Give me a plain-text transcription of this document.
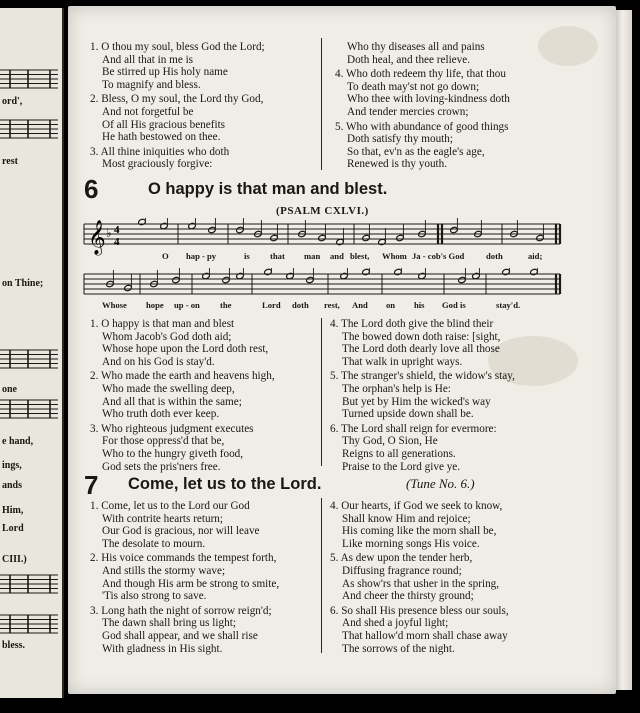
ord',
rest
on Thine;
one
e hand,
ings,
ands
Him,
Lord
CIII.)
bless.
1. O thou my soul, bless God the Lord;
And all that in me is
Be stirred up His holy name
To magnify and bless.
2. Bless, O my soul, the Lord thy God,
And not forgetful be
Of all His gracious benefits
He hath bestowed on thee.
3. All thine iniquities who doth
Most graciously forgive:
Who thy diseases all and pains
Doth heal, and thee relieve.
4. Who doth redeem thy life, that thou
To death may'st not go down;
Who thee with loving-kindness doth
And tender mercies crown;
5. Who with abundance of good things
Doth satisfy thy mouth;
So that, ev'n as the eagle's age,
Renewed is thy youth.
6	O happy is that man and blest.
(PSALM CXLVI.)
𝄞 ♭
4
4
O hap - py	is that man and blest, Whom Ja - cob's God	doth	aid;
Whose hope up - on the	Lord doth rest, And on his God is	stay'd.
1. O happy is that man and blest
Whom Jacob's God doth aid;
Whose hope upon the Lord doth rest,
And on his God is stay'd.
2. Who made the earth and heavens high,
Who made the swelling deep,
And all that is within the same;
Who truth doth ever keep.
3. Who righteous judgment executes
For those oppress'd that be,
Who to the hungry giveth food,
God sets the pris'ners free.
4. The Lord doth give the blind their
The bowed down doth raise: [sight,
The Lord doth dearly love all those
That walk in upright ways.
5. The stranger's shield, the widow's stay,
The orphan's help is He:
But yet by Him the wicked's way
Turned upside down shall be.
6. The Lord shall reign for evermore:
Thy God, O Sion, He
Reigns to all generations.
Praise to the Lord give ye.
7 Come, let us to the Lord.	(Tune No. 6.)
1. Come, let us to the Lord our God
With contrite hearts return;
Our God is gracious, nor will leave
The desolate to mourn.
2. His voice commands the tempest forth,
And stills the stormy wave;
And though His arm be strong to smite,
'Tis also strong to save.
3. Long hath the night of sorrow reign'd;
The dawn shall bring us light;
God shall appear, and we shall rise
With gladness in His sight.
4. Our hearts, if God we seek to know,
Shall know Him and rejoice;
His coming like the morn shall be,
Like morning songs His voice.
5. As dew upon the tender herb,
Diffusing fragrance round;
As show'rs that usher in the spring,
And cheer the thirsty ground;
6. So shall His presence bless our souls,
And shed a joyful light;
That hallow'd morn shall chase away
The sorrows of the night.
